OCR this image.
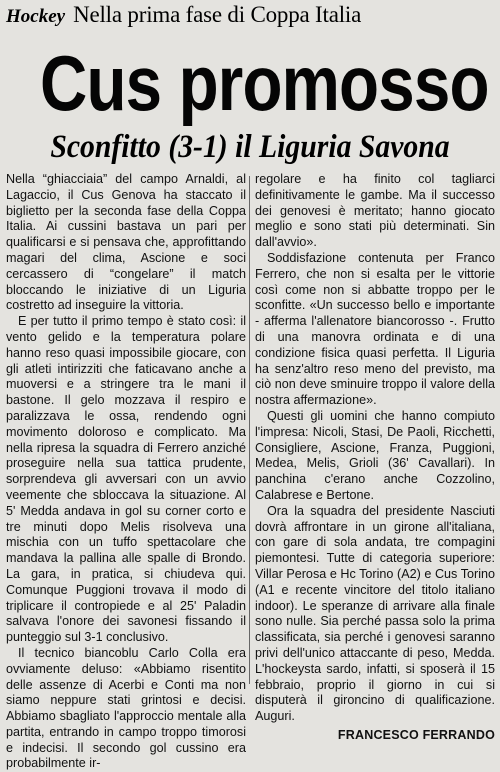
Hockey Nella prima fase di Coppa Italia
Cus promosso
Sconfitto (3-1) il Liguria Savona

Nella “ghiacciaia” del campo Arnaldi, al Lagaccio, il Cus Genova ha staccato il biglietto per la seconda fase della Coppa Italia. Ai cussini bastava un pari per qualificarsi e si pensava che, approfittando magari del clima, Ascione e soci cercassero di “congelare” il match bloccando le iniziative di un Liguria costretto ad inseguire la vittoria.

E per tutto il primo tempo è stato così: il vento gelido e la temperatura polare hanno reso quasi impossibile giocare, con gli atleti intirizziti che faticavano anche a muoversi e a stringere tra le mani il bastone. Il gelo mozzava il respiro e paralizzava le ossa, rendendo ogni movimento doloroso e complicato. Ma nella ripresa la squadra di Ferrero anziché proseguire nella sua tattica prudente, sorprendeva gli avversari con un avvio veemente che sbloccava la situazione. Al 5' Medda andava in gol su corner corto e tre minuti dopo Melis risolveva una mischia con un tuffo spettacolare che mandava la pallina alle spalle di Brondo. La gara, in pratica, si chiudeva qui. Comunque Puggioni trovava il modo di triplicare il contropiede e al 25' Paladin salvava l'onore dei savonesi fissando il punteggio sul 3-1 conclusivo.

Il tecnico biancoblu Carlo Colla era ovviamente deluso: «Abbiamo risentito delle assenze di Acerbi e Conti ma non siamo neppure stati grintosi e decisi. Abbiamo sbagliato l'approccio mentale alla partita, entrando in campo troppo timorosi e indecisi. Il secondo gol cussino era probabilmente ir-

regolare e ha finito col tagliarci definitivamente le gambe. Ma il successo dei genovesi è meritato; hanno giocato meglio e sono stati più determinati. Sin dall'avvio».

Soddisfazione contenuta per Franco Ferrero, che non si esalta per le vittorie così come non si abbatte troppo per le sconfitte. «Un successo bello e importante - afferma l'allenatore biancorosso -. Frutto di una manovra ordinata e di una condizione fisica quasi perfetta. Il Liguria ha senz'altro reso meno del previsto, ma ciò non deve sminuire troppo il valore della nostra affermazione».

Questi gli uomini che hanno compiuto l'impresa: Nicoli, Stasi, De Paoli, Ricchetti, Consigliere, Ascione, Franza, Puggioni, Medea, Melis, Grioli (36' Cavallari). In panchina c'erano anche Cozzolino, Calabrese e Bertone.

Ora la squadra del presidente Nasciuti dovrà affrontare in un girone all'italiana, con gare di sola andata, tre compagini piemontesi. Tutte di categoria superiore: Villar Perosa e Hc Torino (A2) e Cus Torino (A1 e recente vincitore del titolo italiano indoor). Le speranze di arrivare alla finale sono nulle. Sia perché passa solo la prima classificata, sia perché i genovesi saranno privi dell'unico attaccante di peso, Medda. L'hockeysta sardo, infatti, si sposerà il 15 febbraio, proprio il giorno in cui si disputerà il gironcino di qualificazione. Auguri.

FRANCESCO FERRANDO
